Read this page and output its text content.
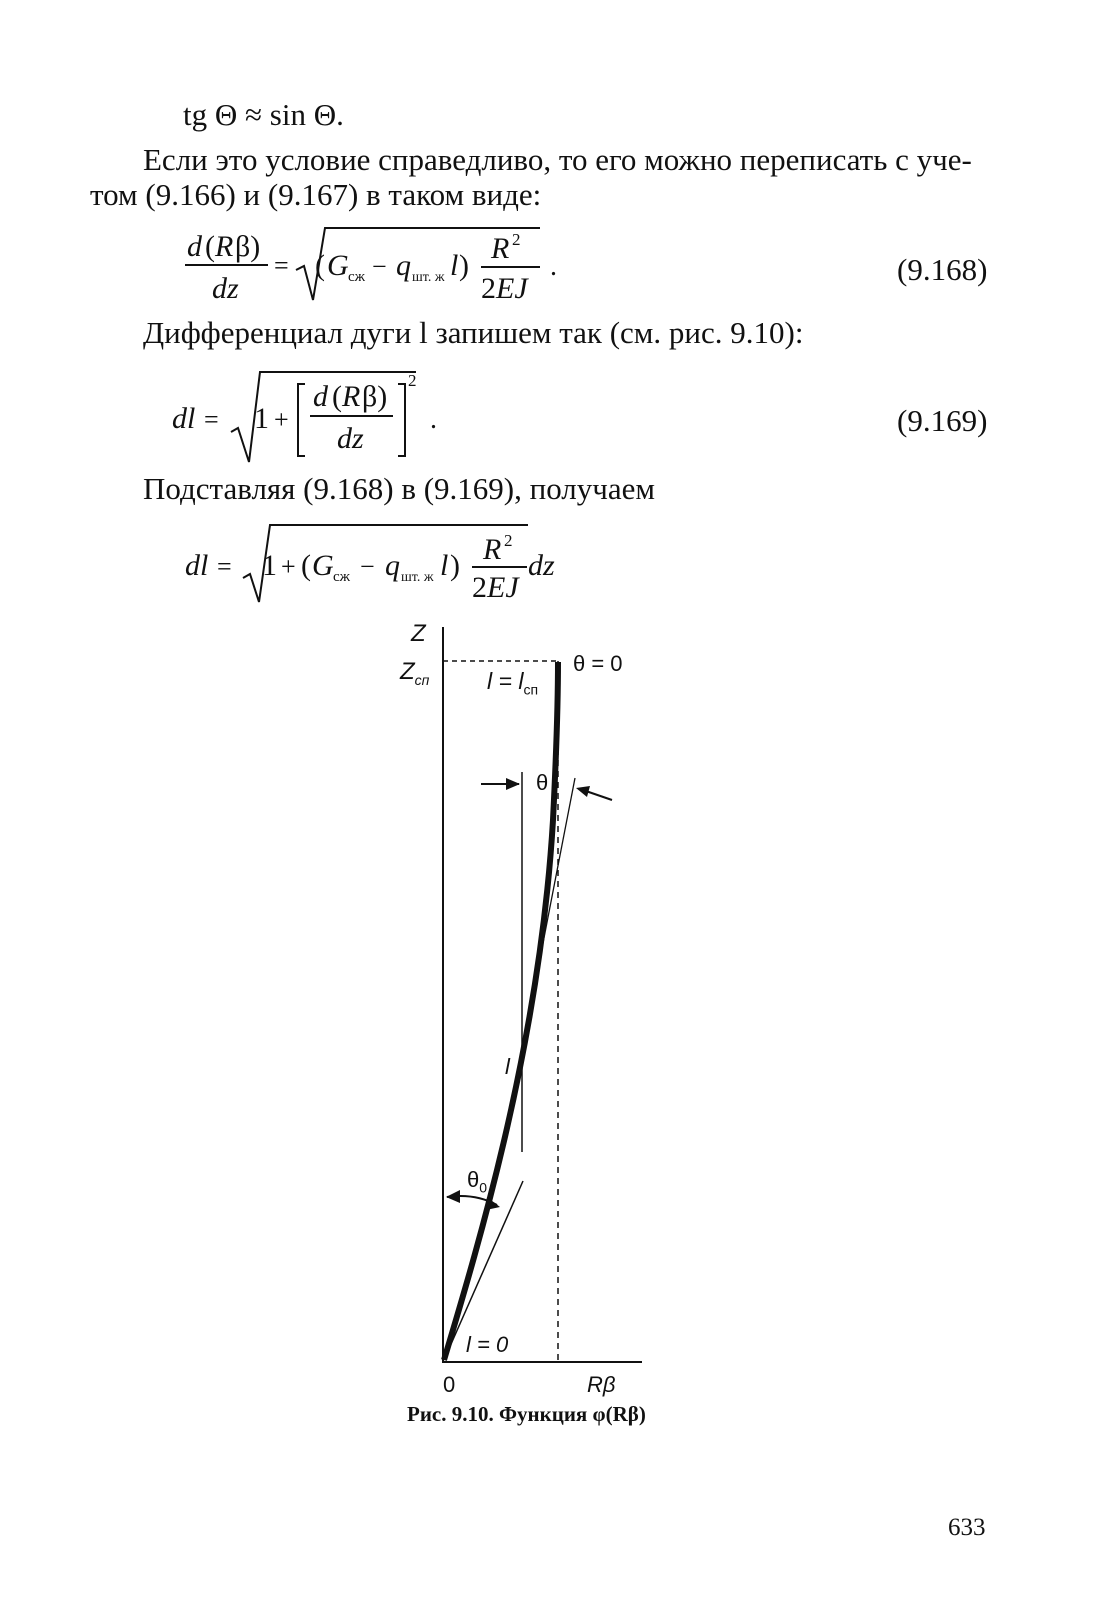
tg Θ ≈ sin Θ.
Если это условие справедливо, то его можно переписать с уче-
том (9.166) и (9.167) в таком виде:
Дифференциал дуги l запишем так (см. рис. 9.10):
Подставляя (9.168) в (9.169), получаем
(9.168)
(9.169)
d ( R β)
dz
= ( G сж − q шт. ж l )
R 2
2 EJ
.
dl = 1 +
d ( R β)
dz
2
.
dl = 1 + ( G сж − q шт. ж l ) R 2
2 EJ
dz
Z
$Z_{сп}$
θ = 0
$l = l_{сп}$
θ
l
$\theta_0$
l = 0
0	Rβ
Рис. 9.10. Функция φ(Rβ)
633
